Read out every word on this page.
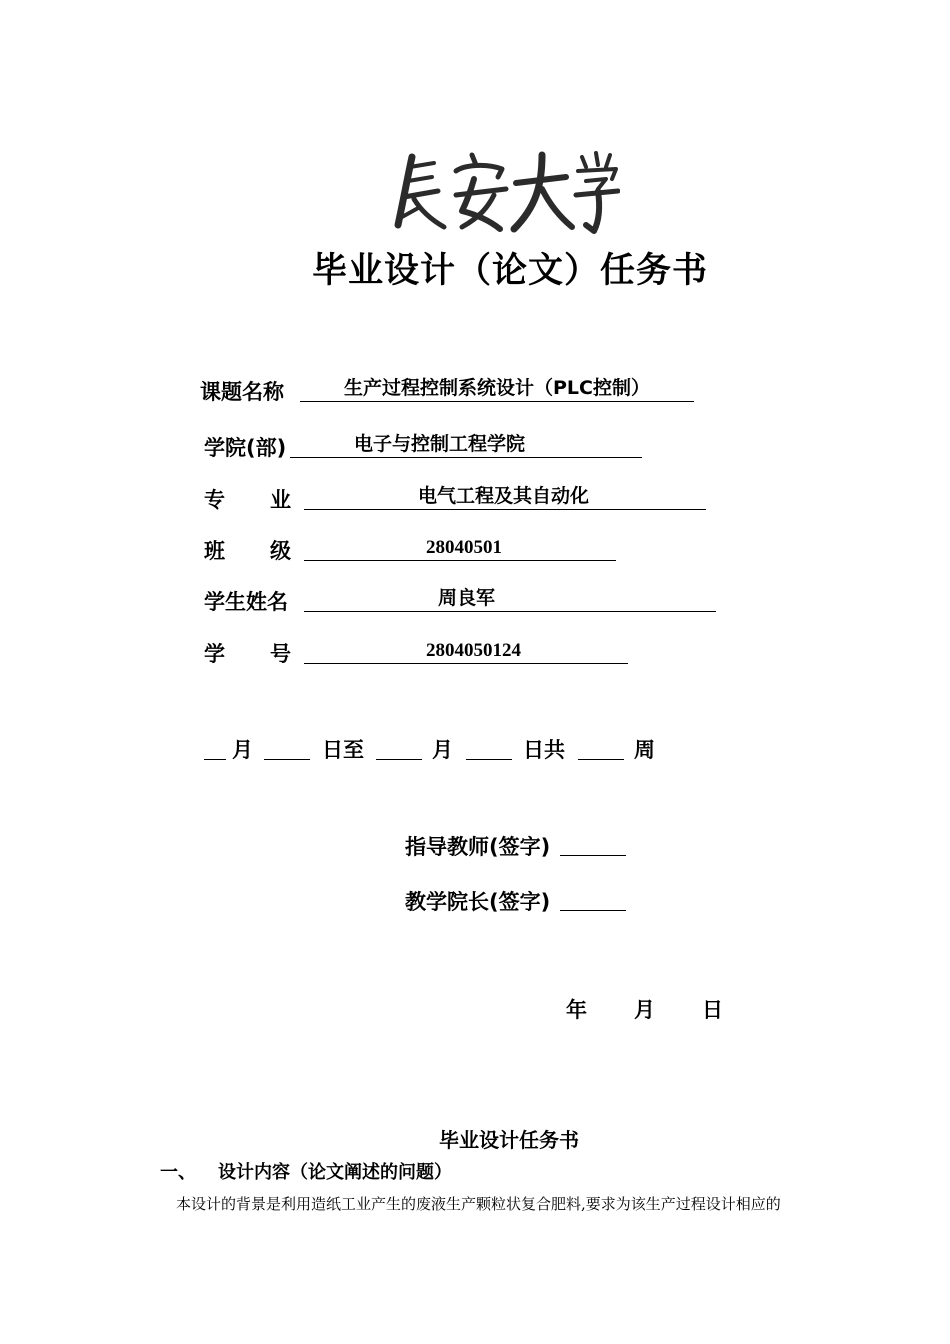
毕业设计（论文）任务书
课题名称	生产过程控制系统设计（PLC控制）
学院(部)	电子与控制工程学院
专 业	电气工程及其自动化
班 级	28040501
学生姓名	周良军
学 号	2804050124
月	日至	月	日共	周
指导教师(签字)
教学院长(签字)
年 月 日
毕业设计任务书
一、 设计内容（论文阐述的问题）
本设计的背景是利用造纸工业产生的废液生产颗粒状复合肥料,要求为该生产过程设计相应的
